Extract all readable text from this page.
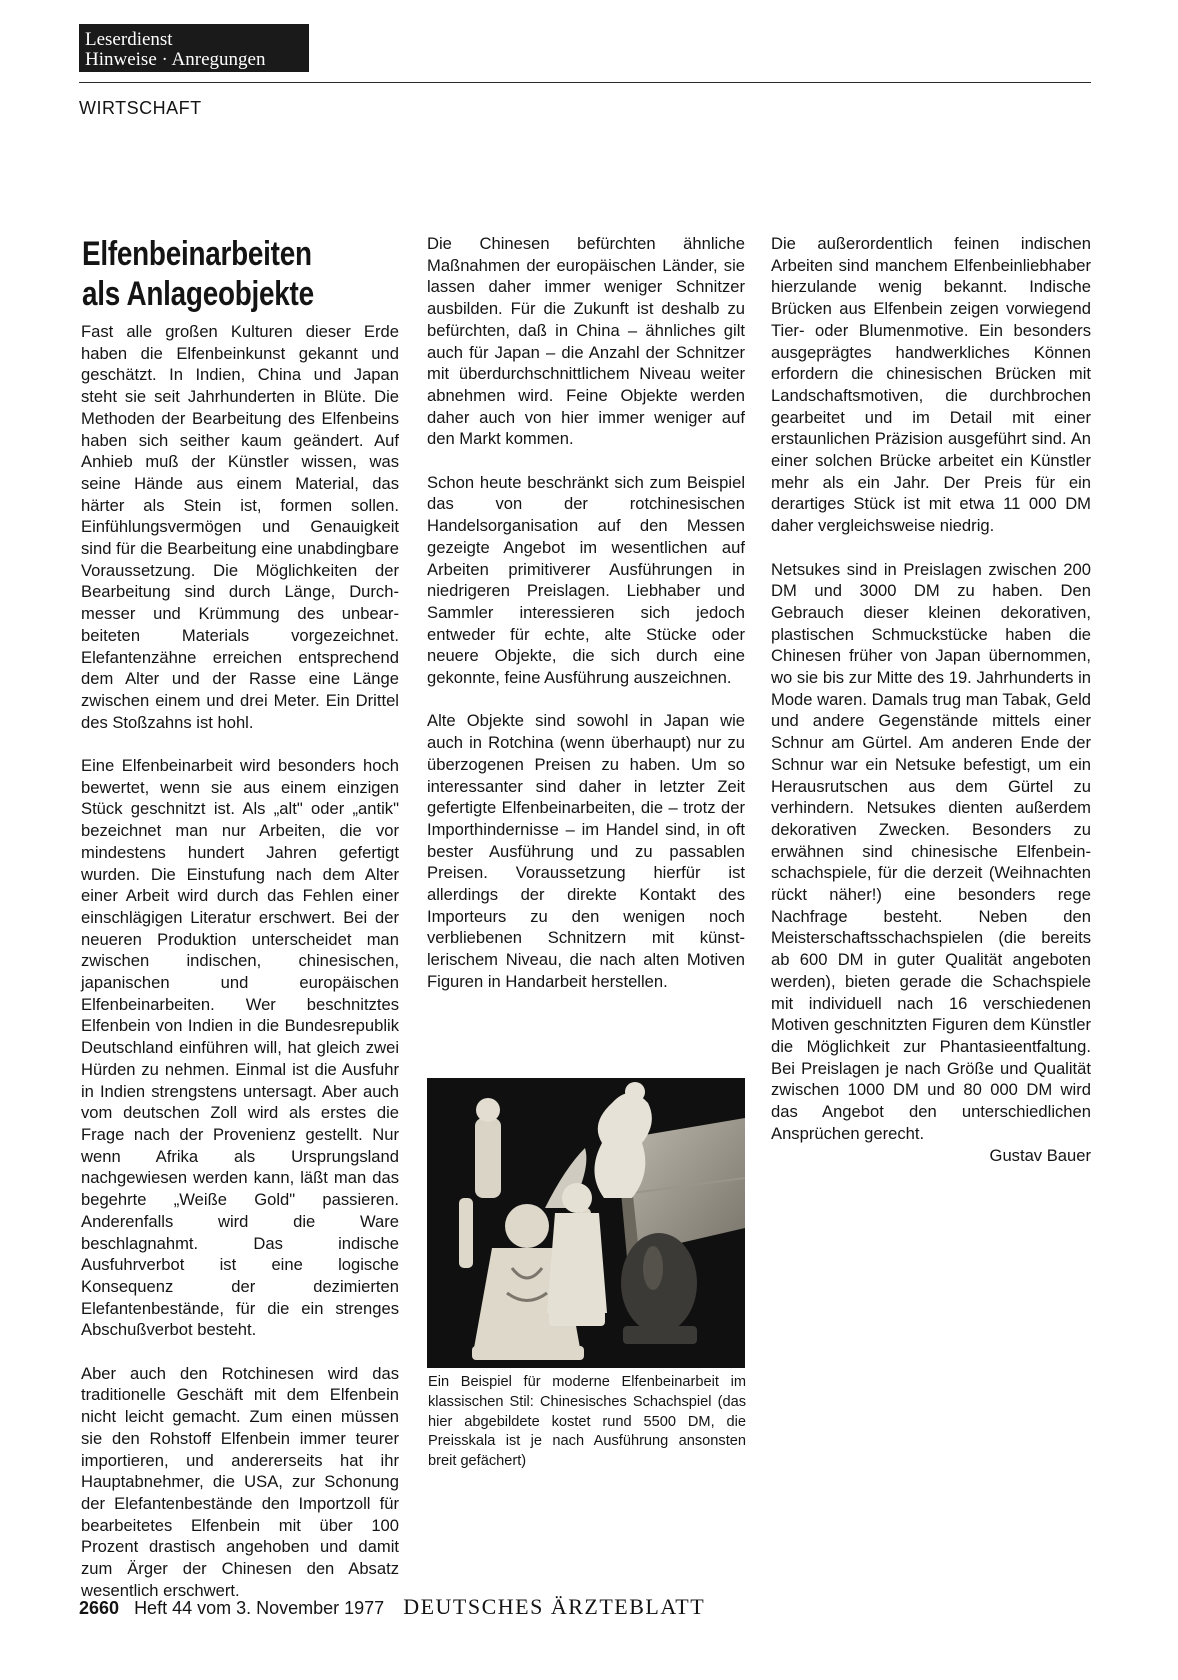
Leserdienst
Hinweise · Anregungen
WIRTSCHAFT
Elfenbeinarbeiten
als Anlageobjekte

Fast alle großen Kulturen dieser Erde haben die Elfenbeinkunst gekannt und geschätzt. In Indien, China und Japan steht sie seit Jahrhunderten in Blüte. Die Methoden der Bearbeitung des Elfenbeins haben sich seither kaum geändert. Auf Anhieb muß der Künstler wissen, was seine Hände aus einem Material, das härter als Stein ist, formen sollen. Einfühlungsvermögen und Genauigkeit sind für die Bearbeitung eine unabdingbare Voraussetzung. Die Möglichkeiten der Bearbeitung sind durch Länge, Durchmesser und Krümmung des unbearbeiteten Materials vorgezeichnet. Elefantenzähne erreichen entsprechend dem Alter und der Rasse eine Länge zwischen einem und drei Meter. Ein Drittel des Stoßzahns ist hohl.

Eine Elfenbeinarbeit wird besonders hoch bewertet, wenn sie aus einem einzigen Stück geschnitzt ist. Als „alt" oder „antik" bezeichnet man nur Arbeiten, die vor mindestens hundert Jahren gefertigt wurden. Die Einstufung nach dem Alter einer Arbeit wird durch das Fehlen einer einschlägigen Literatur erschwert. Bei der neueren Produktion unterscheidet man zwischen indischen, chinesischen, japanischen und europäischen Elfenbeinarbeiten. Wer beschnitztes Elfenbein von Indien in die Bundesrepublik Deutschland einführen will, hat gleich zwei Hürden zu nehmen. Einmal ist die Ausfuhr in Indien strengstens untersagt. Aber auch vom deutschen Zoll wird als erstes die Frage nach der Provenienz gestellt. Nur wenn Afrika als Ursprungsland nachgewiesen werden kann, läßt man das begehrte „Weiße Gold" passieren. Anderenfalls wird die Ware beschlagnahmt. Das indische Ausfuhrverbot ist eine logische Konsequenz der dezimierten Elefantenbestände, für die ein strenges Abschußverbot besteht.

Aber auch den Rotchinesen wird das traditionelle Geschäft mit dem Elfenbein nicht leicht gemacht. Zum einen müssen sie den Rohstoff Elfenbein immer teurer importieren, und andererseits hat ihr Hauptabnehmer, die USA, zur Schonung der Elefantenbestände den Importzoll für bearbeitetes Elfenbein mit über 100 Prozent drastisch angehoben und damit zum Ärger der Chinesen den Absatz wesentlich erschwert.

Die Chinesen befürchten ähnliche Maßnahmen der europäischen Länder, sie lassen daher immer weniger Schnitzer ausbilden. Für die Zukunft ist deshalb zu befürchten, daß in China – ähnliches gilt auch für Japan – die Anzahl der Schnitzer mit überdurchschnittlichem Niveau weiter abnehmen wird. Feine Objekte werden daher auch von hier immer weniger auf den Markt kommen.

Schon heute beschränkt sich zum Beispiel das von der rotchinesischen Handelsorganisation auf den Messen gezeigte Angebot im wesentlichen auf Arbeiten primitiverer Ausführungen in niedrigeren Preislagen. Liebhaber und Sammler interessieren sich jedoch entweder für echte, alte Stücke oder neuere Objekte, die sich durch eine gekonnte, feine Ausführung auszeichnen.

Alte Objekte sind sowohl in Japan wie auch in Rotchina (wenn überhaupt) nur zu überzogenen Preisen zu haben. Um so interessanter sind daher in letzter Zeit gefertigte Elfenbeinarbeiten, die – trotz der Importhindernisse – im Handel sind, in oft bester Ausführung und zu passablen Preisen. Voraussetzung hierfür ist allerdings der direkte Kontakt des Importeurs zu den wenigen noch verbliebenen Schnitzern mit künstlerischem Niveau, die nach alten Motiven Figuren in Handarbeit herstellen.

Ein Beispiel für moderne Elfenbeinarbeit im klassischen Stil: Chinesisches Schachspiel (das hier abgebildete kostet rund 5500 DM, die Preisskala ist je nach Ausführung ansonsten breit gefächert)

Die außerordentlich feinen indischen Arbeiten sind manchem Elfenbeinliebhaber hierzulande wenig bekannt. Indische Brücken aus Elfenbein zeigen vorwiegend Tier- oder Blumenmotive. Ein besonders ausgeprägtes handwerkliches Können erfordern die chinesischen Brücken mit Landschaftsmotiven, die durchbrochen gearbeitet und im Detail mit einer erstaunlichen Präzision ausgeführt sind. An einer solchen Brücke arbeitet ein Künstler mehr als ein Jahr. Der Preis für ein derartiges Stück ist mit etwa 11 000 DM daher vergleichsweise niedrig.

Netsukes sind in Preislagen zwischen 200 DM und 3000 DM zu haben. Den Gebrauch dieser kleinen dekorativen, plastischen Schmuckstücke haben die Chinesen früher von Japan übernommen, wo sie bis zur Mitte des 19. Jahrhunderts in Mode waren. Damals trug man Tabak, Geld und andere Gegenstände mittels einer Schnur am Gürtel. Am anderen Ende der Schnur war ein Netsuke befestigt, um ein Herausrutschen aus dem Gürtel zu verhindern. Netsukes dienten außerdem dekorativen Zwecken. Besonders zu erwähnen sind chinesische Elfenbeinschachspiele, für die derzeit (Weihnachten rückt näher!) eine besonders rege Nachfrage besteht. Neben den Meisterschaftsschachspielen (die bereits ab 600 DM in guter Qualität angeboten werden), bieten gerade die Schachspiele mit individuell nach 16 verschiedenen Motiven geschnitzten Figuren dem Künstler die Möglichkeit zur Phantasieentfaltung. Bei Preislagen je nach Größe und Qualität zwischen 1000 DM und 80 000 DM wird das Angebot den unterschiedlichen Ansprüchen gerecht.

Gustav Bauer
2660 Heft 44 vom 3. November 1977 DEUTSCHES ÄRZTEBLATT
